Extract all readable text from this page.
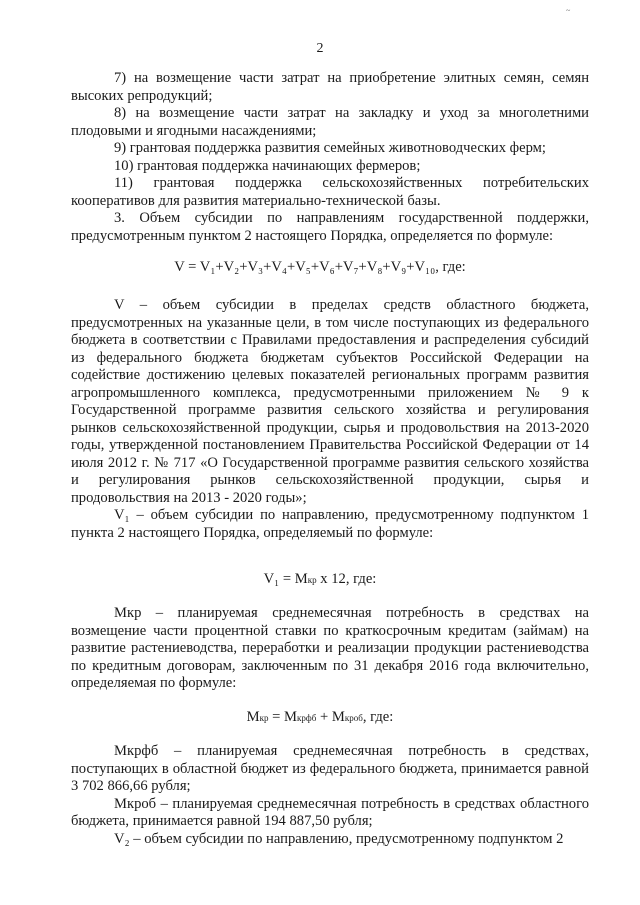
~
2

7) на возмещение части затрат на приобретение элитных семян, семян высоких репродукций;

8) на возмещение части затрат на закладку и уход за многолетними плодовыми и ягодными насаждениями;

9) грантовая поддержка развития семейных животноводческих ферм;

10) грантовая поддержка начинающих фермеров;

11) грантовая поддержка сельскохозяйственных потребительских кооперативов для развития материально-технической базы.

3. Объем субсидии по направлениям государственной поддержки, предусмотренным пунктом 2 настоящего Порядка, определяется по формуле:

V = V₁+V₂+V₃+V₄+V₅+V₆+V₇+V₈+V₉+V₁₀, где:

V – объем субсидии в пределах средств областного бюджета, предусмотренных на указанные цели, в том числе поступающих из федерального бюджета в соответствии с Правилами предоставления и распределения субсидий из федерального бюджета бюджетам субъектов Российской Федерации на содействие достижению целевых показателей региональных программ развития агропромышленного комплекса, предусмотренными приложением № 9 к Государственной программе развития сельского хозяйства и регулирования рынков сельскохозяйственной продукции, сырья и продовольствия на 2013-2020 годы, утвержденной постановлением Правительства Российской Федерации от 14 июля 2012 г. № 717 «О Государственной программе развития сельского хозяйства и регулирования рынков сельскохозяйственной продукции, сырья и продовольствия на 2013 - 2020 годы»;

V₁ – объем субсидии по направлению, предусмотренному подпунктом 1 пункта 2 настоящего Порядка, определяемый по формуле:

V₁ = Mкр x 12, где:

Mкр – планируемая среднемесячная потребность в средствах на возмещение части процентной ставки по краткосрочным кредитам (займам) на развитие растениеводства, переработки и реализации продукции растениеводства по кредитным договорам, заключенным по 31 декабря 2016 года включительно, определяемая по формуле:

Mкр = Mкрфб + Mкроб, где:

Mкрфб – планируемая среднемесячная потребность в средствах, поступающих в областной бюджет из федерального бюджета, принимается равной 3 702 866,66 рубля;

Mкроб – планируемая среднемесячная потребность в средствах областного бюджета, принимается равной 194 887,50 рубля;

V₂ – объем субсидии по направлению, предусмотренному подпунктом 2
